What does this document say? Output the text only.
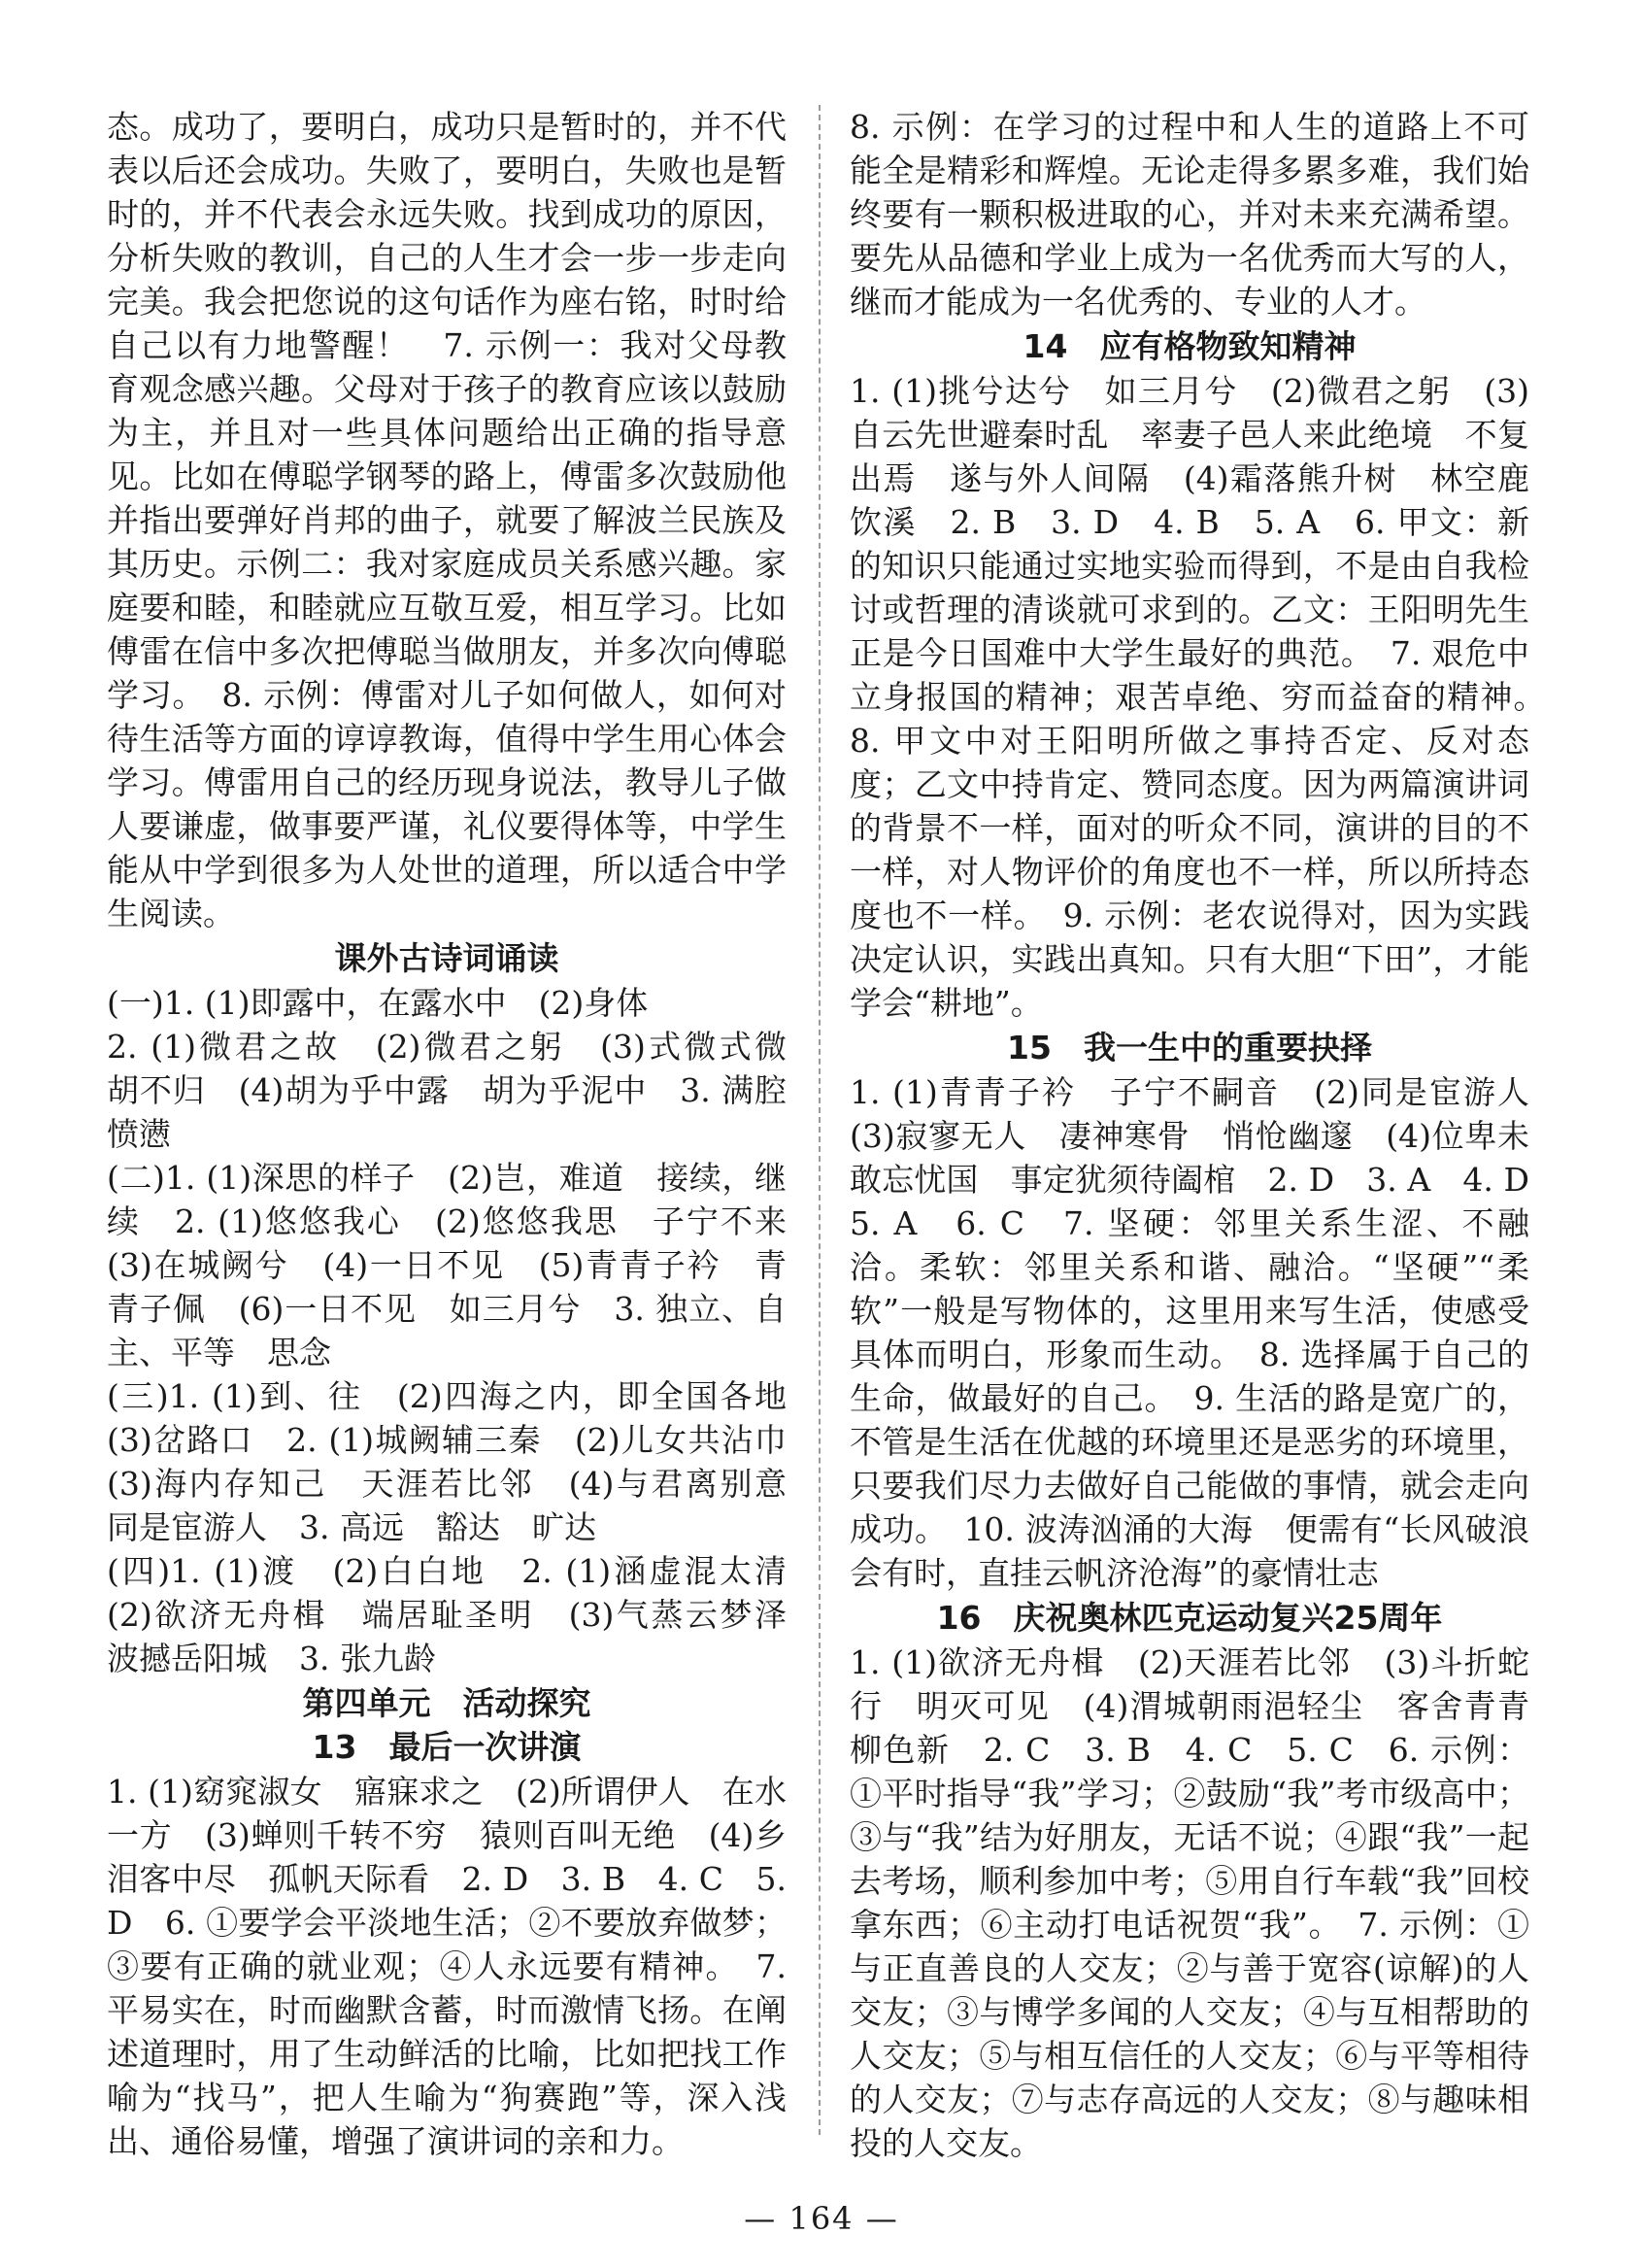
态。成功了，要明白，成功只是暂时的，并不代表以后还会成功。失败了，要明白，失败也是暂时的，并不代表会永远失败。找到成功的原因，分析失败的教训，自己的人生才会一步一步走向完美。我会把您说的这句话作为座右铭，时时给自己以有力地警醒！　7. 示例一：我对父母教育观念感兴趣。父母对于孩子的教育应该以鼓励为主，并且对一些具体问题给出正确的指导意见。比如在傅聪学钢琴的路上，傅雷多次鼓励他并指出要弹好肖邦的曲子，就要了解波兰民族及其历史。示例二：我对家庭成员关系感兴趣。家庭要和睦，和睦就应互敬互爱，相互学习。比如傅雷在信中多次把傅聪当做朋友，并多次向傅聪学习。　8. 示例：傅雷对儿子如何做人，如何对待生活等方面的谆谆教诲，值得中学生用心体会学习。傅雷用自己的经历现身说法，教导儿子做人要谦虚，做事要严谨，礼仪要得体等，中学生能从中学到很多为人处世的道理，所以适合中学生阅读。

课外古诗词诵读

(一)1. (1)即露中，在露水中　(2)身体

2. (1)微君之故　(2)微君之躬　(3)式微式微　胡不归　(4)胡为乎中露　胡为乎泥中　3. 满腔愤懑

(二)1. (1)深思的样子　(2)岂，难道　接续，继续　2. (1)悠悠我心　(2)悠悠我思　子宁不来　(3)在城阙兮　(4)一日不见　(5)青青子衿　青青子佩　(6)一日不见　如三月兮　3. 独立、自主、平等　思念

(三)1. (1)到、往　(2)四海之内，即全国各地　(3)岔路口　2. (1)城阙辅三秦　(2)儿女共沾巾　(3)海内存知己　天涯若比邻　(4)与君离别意　同是宦游人　3. 高远　豁达　旷达

(四)1. (1)渡　(2)白白地　2. (1)涵虚混太清　(2)欲济无舟楫　端居耻圣明　(3)气蒸云梦泽　波撼岳阳城　3. 张九龄

第四单元　活动探究
13　最后一次讲演

1. (1)窈窕淑女　寤寐求之　(2)所谓伊人　在水一方　(3)蝉则千转不穷　猿则百叫无绝　(4)乡泪客中尽　孤帆天际看　2. D　3. B　4. C　5. D　6. ①要学会平淡地生活；②不要放弃做梦；③要有正确的就业观；④人永远要有精神。　7. 平易实在，时而幽默含蓄，时而激情飞扬。在阐述道理时，用了生动鲜活的比喻，比如把找工作喻为“找马”，把人生喻为“狗赛跑”等，深入浅出、通俗易懂，增强了演讲词的亲和力。

8. 示例：在学习的过程中和人生的道路上不可能全是精彩和辉煌。无论走得多累多难，我们始终要有一颗积极进取的心，并对未来充满希望。要先从品德和学业上成为一名优秀而大写的人，继而才能成为一名优秀的、专业的人才。

14　应有格物致知精神

1. (1)挑兮达兮　如三月兮　(2)微君之躬　(3)自云先世避秦时乱　率妻子邑人来此绝境　不复出焉　遂与外人间隔　(4)霜落熊升树　林空鹿饮溪　2. B　3. D　4. B　5. A　6. 甲文：新的知识只能通过实地实验而得到，不是由自我检讨或哲理的清谈就可求到的。乙文：王阳明先生正是今日国难中大学生最好的典范。　7. 艰危中立身报国的精神；艰苦卓绝、穷而益奋的精神。　8. 甲文中对王阳明所做之事持否定、反对态度；乙文中持肯定、赞同态度。因为两篇演讲词的背景不一样，面对的听众不同，演讲的目的不一样，对人物评价的角度也不一样，所以所持态度也不一样。　9. 示例：老农说得对，因为实践决定认识，实践出真知。只有大胆“下田”，才能学会“耕地”。

15　我一生中的重要抉择

1. (1)青青子衿　子宁不嗣音　(2)同是宦游人　(3)寂寥无人　凄神寒骨　悄怆幽邃　(4)位卑未敢忘忧国　事定犹须待阖棺　2. D　3. A　4. D　5. A　6. C　7. 坚硬：邻里关系生涩、不融洽。柔软：邻里关系和谐、融洽。“坚硬”“柔软”一般是写物体的，这里用来写生活，使感受具体而明白，形象而生动。　8. 选择属于自己的生命，做最好的自己。　9. 生活的路是宽广的，不管是生活在优越的环境里还是恶劣的环境里，只要我们尽力去做好自己能做的事情，就会走向成功。　10. 波涛汹涌的大海　便需有“长风破浪会有时，直挂云帆济沧海”的豪情壮志

16　庆祝奥林匹克运动复兴25周年

1. (1)欲济无舟楫　(2)天涯若比邻　(3)斗折蛇行　明灭可见　(4)渭城朝雨浥轻尘　客舍青青柳色新　2. C　3. B　4. C　5. C　6. 示例：①平时指导“我”学习；②鼓励“我”考市级高中；③与“我”结为好朋友，无话不说；④跟“我”一起去考场，顺利参加中考；⑤用自行车载“我”回校拿东西；⑥主动打电话祝贺“我”。　7. 示例：①与正直善良的人交友；②与善于宽容(谅解)的人交友；③与博学多闻的人交友；④与互相帮助的人交友；⑤与相互信任的人交友；⑥与平等相待的人交友；⑦与志存高远的人交友；⑧与趣味相投的人交友。

— 164 —
